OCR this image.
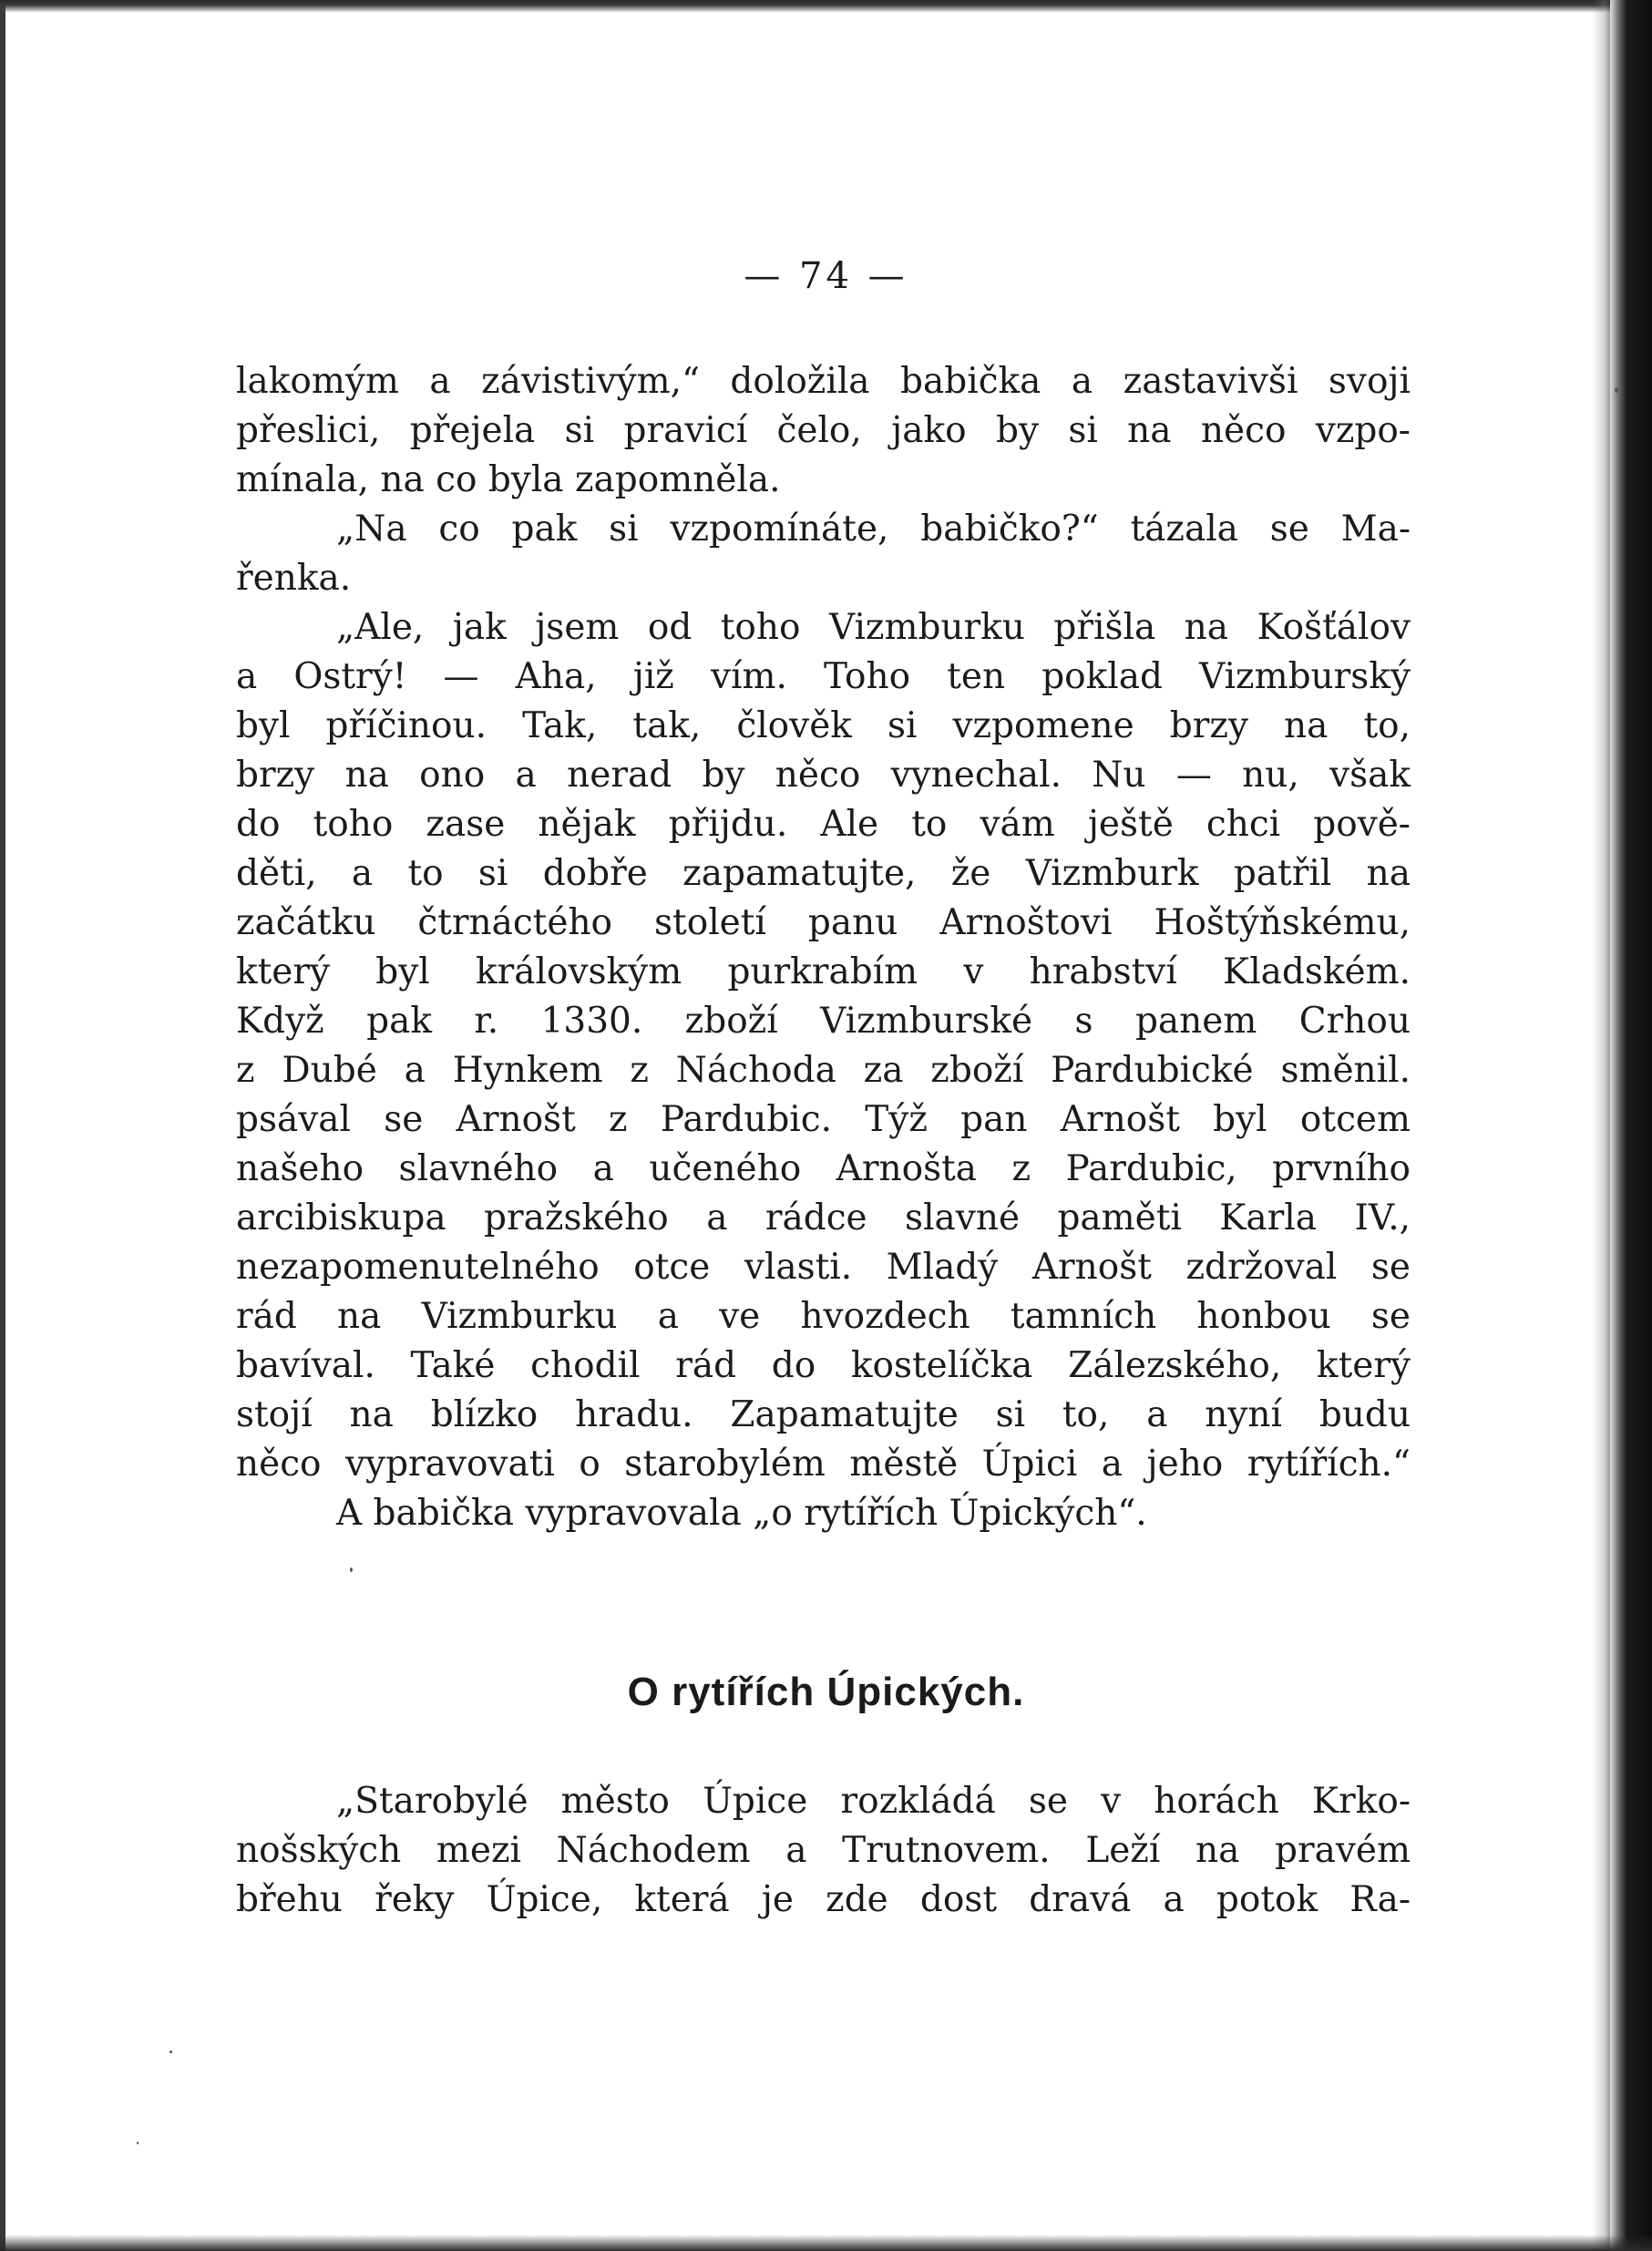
— 74 —
lakomým a závistivým,“ doložila babička a zastavivši svoji
přeslici, přejela si pravicí čelo, jako by si na něco vzpo-
mínala, na co byla zapomněla.
„Na co pak si vzpomínáte, babičko?“ tázala se Ma-
řenka.
„Ale, jak jsem od toho Vizmburku přišla na Košťálov
a Ostrý! — Aha, již vím. Toho ten poklad Vizmburský
byl příčinou. Tak, tak, člověk si vzpomene brzy na to,
brzy na ono a nerad by něco vynechal. Nu — nu, však
do toho zase nějak přijdu. Ale to vám ještě chci pově-
děti, a to si dobře zapamatujte, že Vizmburk patřil na
začátku čtrnáctého století panu Arnoštovi Hoštýňskému,
který byl královským purkrabím v hrabství Kladském.
Když pak r. 1330. zboží Vizmburské s panem Crhou
z Dubé a Hynkem z Náchoda za zboží Pardubické směnil.
psával se Arnošt z Pardubic. Týž pan Arnošt byl otcem
našeho slavného a učeného Arnošta z Pardubic, prvního
arcibiskupa pražského a rádce slavné paměti Karla IV.,
nezapomenutelného otce vlasti. Mladý Arnošt zdržoval se
rád na Vizmburku a ve hvozdech tamních honbou se
bavíval. Také chodil rád do kostelíčka Zálezského, který
stojí na blízko hradu. Zapamatujte si to, a nyní budu
něco vypravovati o starobylém městě Úpici a jeho rytířích.“
A babička vypravovala „o rytířích Úpických“.
O rytířích Úpických.
„Starobylé město Úpice rozkládá se v horách Krko-
nošských mezi Náchodem a Trutnovem. Leží na pravém
břehu řeky Úpice, která je zde dost dravá a potok Ra-
